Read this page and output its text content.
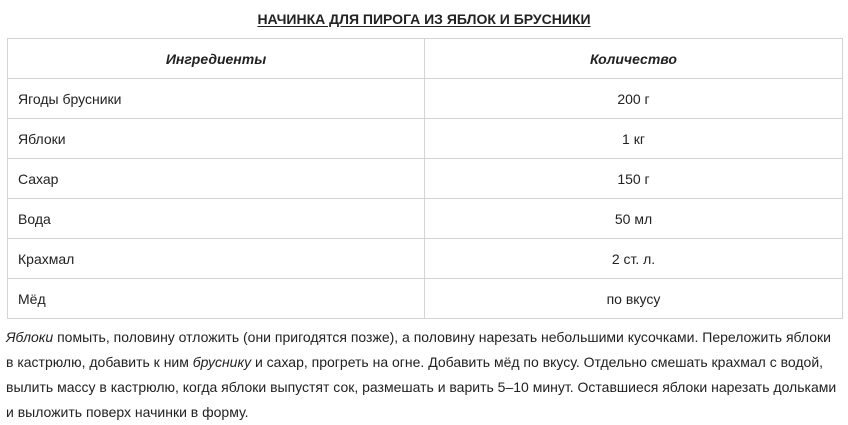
НАЧИНКА ДЛЯ ПИРОГА ИЗ ЯБЛОК И БРУСНИКИ
Ингредиенты	Количество
Ягоды брусники	200 г
Яблоки	1 кг
Сахар	150 г
Вода	50 мл
Крахмал	2 ст. л.
Мёд	по вкусу

Яблоки помыть, половину отложить (они пригодятся позже), а половину нарезать небольшими кусочками. Переложить яблоки в кастрюлю, добавить к ним бруснику и сахар, прогреть на огне. Добавить мёд по вкусу. Отдельно смешать крахмал с водой, вылить массу в кастрюлю, когда яблоки выпустят сок, размешать и варить 5–10 минут. Оставшиеся яблоки нарезать дольками и выложить поверх начинки в форму.
